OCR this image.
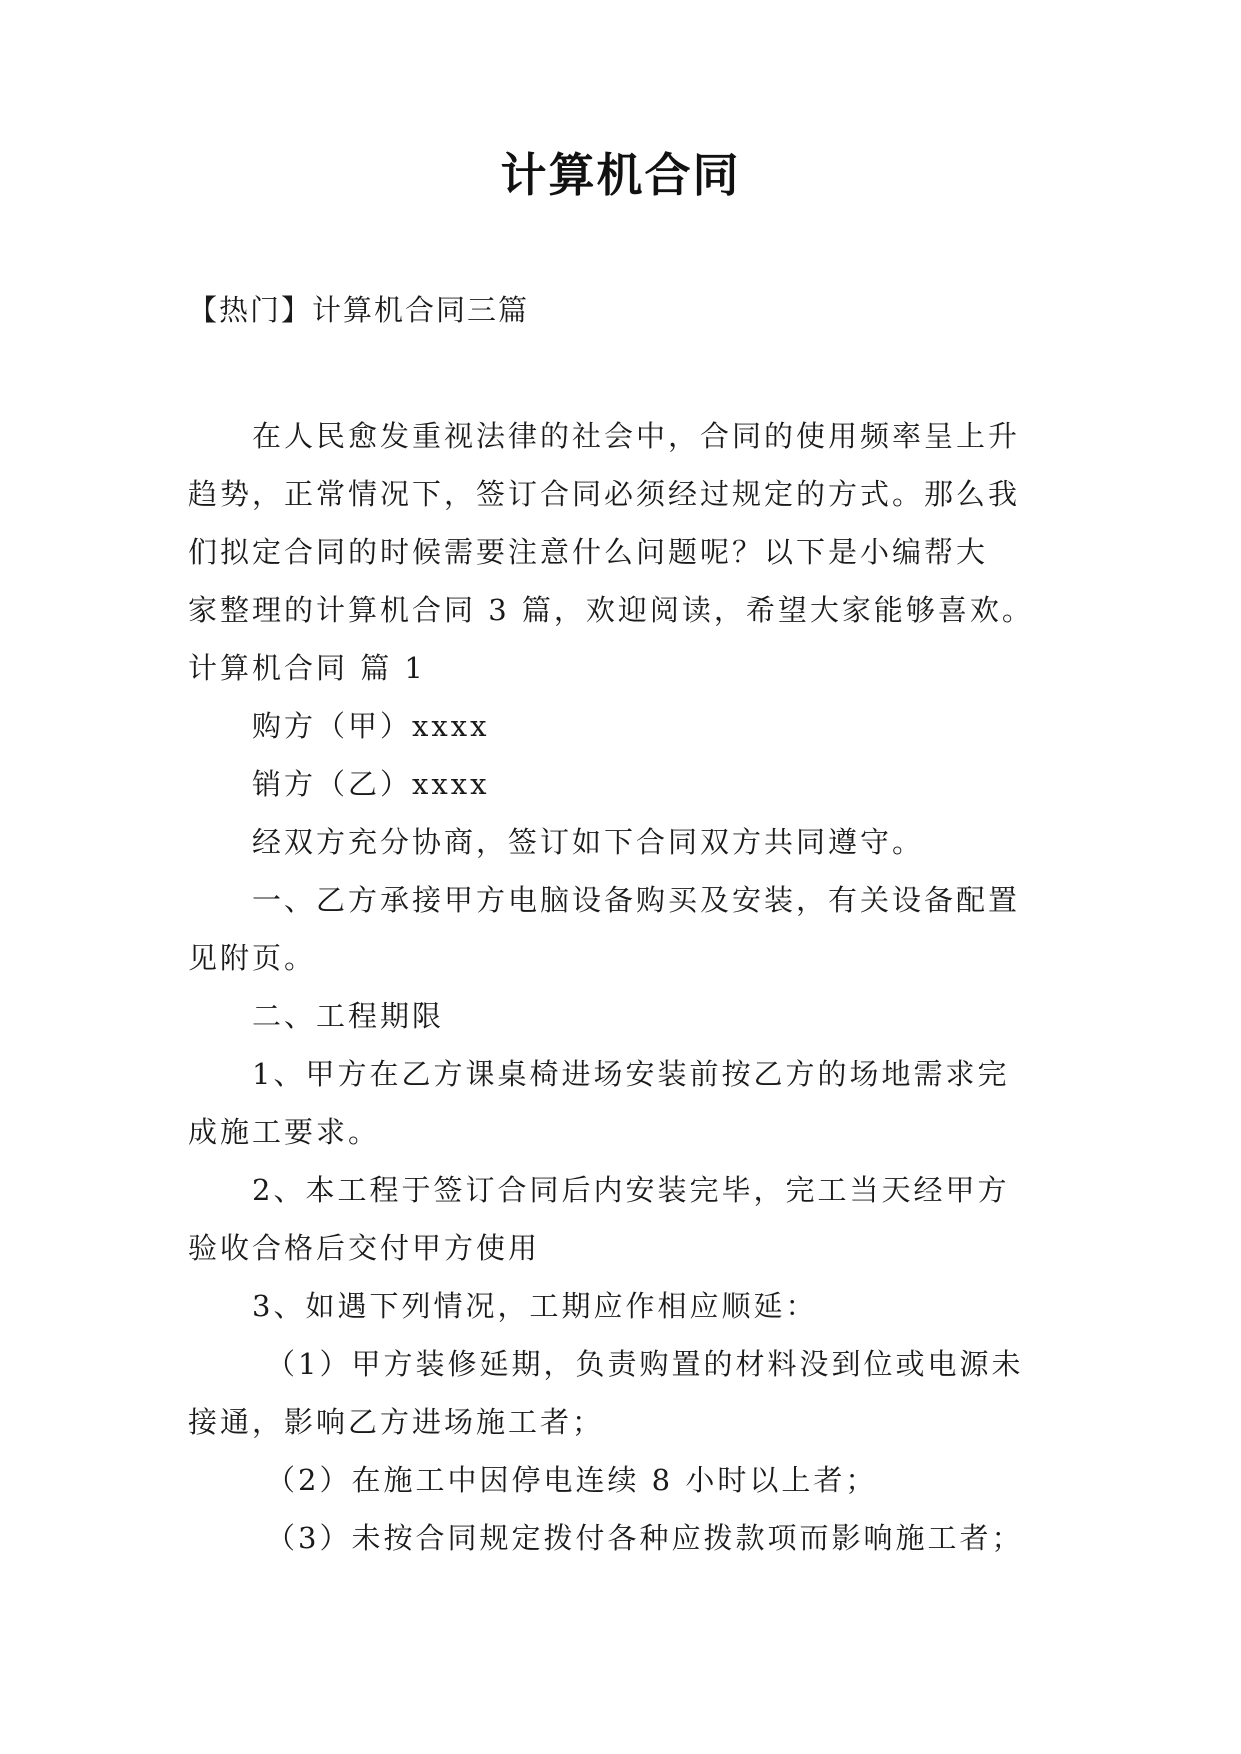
计算机合同
【热门】计算机合同三篇
在人民愈发重视法律的社会中，合同的使用频率呈上升
趋势，正常情况下，签订合同必须经过规定的方式。那么我
们拟定合同的时候需要注意什么问题呢？以下是小编帮大
家整理的计算机合同 3 篇，欢迎阅读，希望大家能够喜欢。
计算机合同 篇 1
购方（甲）xxxx
销方（乙）xxxx
经双方充分协商，签订如下合同双方共同遵守。
一、乙方承接甲方电脑设备购买及安装，有关设备配置
见附页。
二、工程期限
1、甲方在乙方课桌椅进场安装前按乙方的场地需求完
成施工要求。
2、本工程于签订合同后内安装完毕，完工当天经甲方
验收合格后交付甲方使用
3、如遇下列情况，工期应作相应顺延：
（1）甲方装修延期，负责购置的材料没到位或电源未
接通，影响乙方进场施工者；
（2）在施工中因停电连续 8 小时以上者；
（3）未按合同规定拨付各种应拨款项而影响施工者；
